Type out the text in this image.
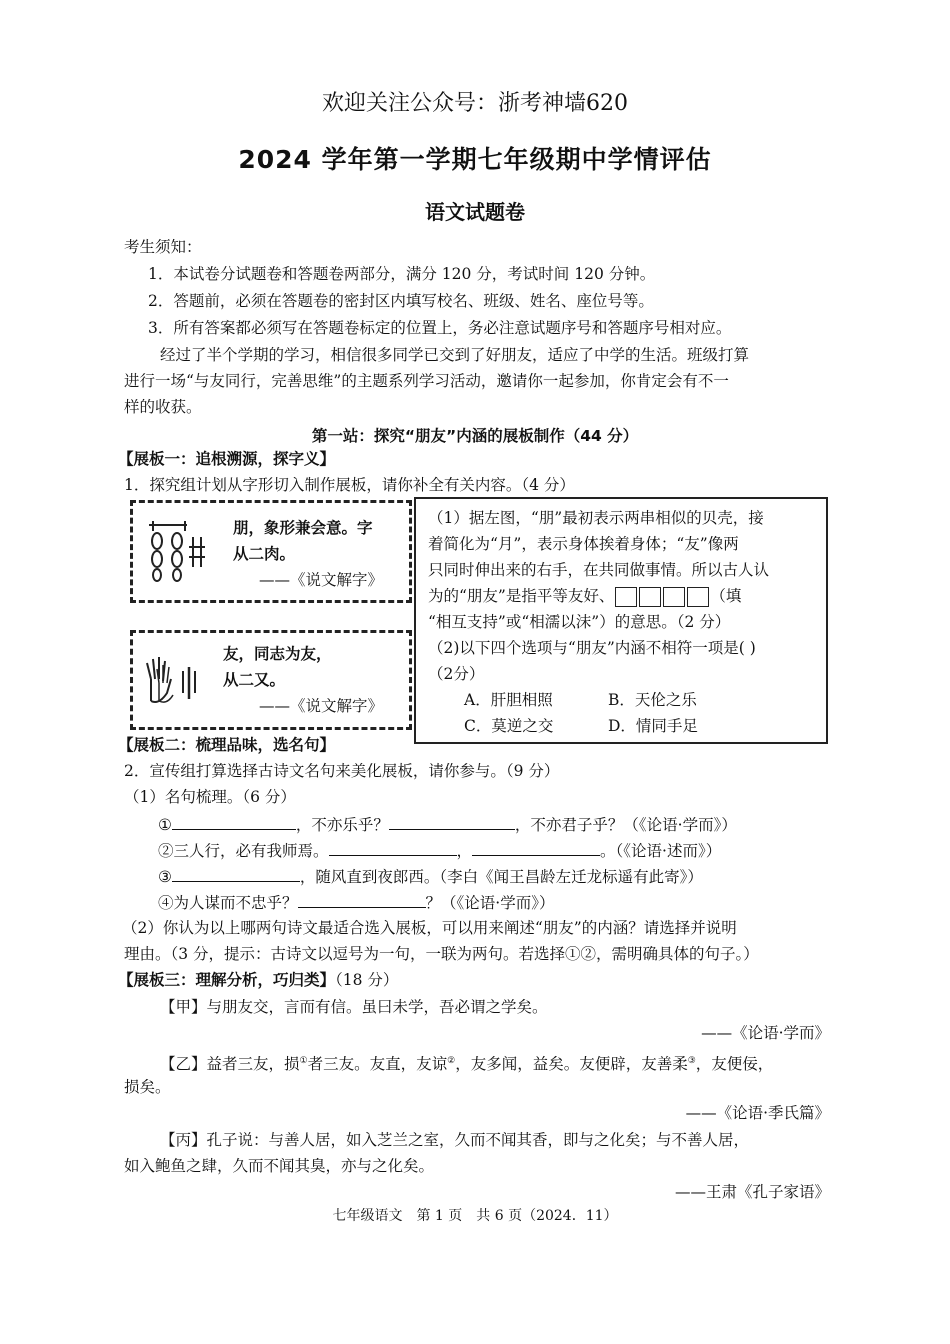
欢迎关注公众号：浙考神墙620
2024 学年第一学期七年级期中学情评估
语文试题卷
考生须知：
1．本试卷分试题卷和答题卷两部分，满分 120 分，考试时间 120 分钟。
2．答题前，必须在答题卷的密封区内填写校名、班级、姓名、座位号等。
3．所有答案都必须写在答题卷标定的位置上，务必注意试题序号和答题序号相对应。
经过了半个学期的学习，相信很多同学已交到了好朋友，适应了中学的生活。班级打算
进行一场“与友同行，完善思维”的主题系列学习活动，邀请你一起参加，你肯定会有不一
样的收获。
第一站：探究“朋友”内涵的展板制作（44 分）
【展板一：追根溯源，探字义】
1．探究组计划从字形切入制作展板，请你补全有关内容。（4 分）
朋，象形兼会意。字
从二肉。
——《说文解字》
友，同志为友，
从二又。
——《说文解字》
（1）据左图，“朋”最初表示两串相似的贝壳，接
着简化为“月”，表示身体挨着身体；“友”像两
只同时伸出来的右手，在共同做事情。所以古人认
为的“朋友”是指平等友好、	（填
“相互支持”或“相濡以沫”）的意思。（2 分）
（2)以下四个选项与“朋友”内涵不相符一项是( )
（2分）
A．肝胆相照	B．天伦之乐
C．莫逆之交	D．情同手足
【展板二：梳理品味，选名句】
2．宣传组打算选择古诗文名句来美化展板，请你参与。（9 分）
（1）名句梳理。（6 分）
①	，不亦乐乎？	，不亦君子乎？（《论语·学而》）
②三人行，必有我师焉。	，	。（《论语·述而》）
③	，随风直到夜郎西。（李白《闻王昌龄左迁龙标遥有此寄》）
④为人谋而不忠乎？	？（《论语·学而》）
（2）你认为以上哪两句诗文最适合选入展板，可以用来阐述“朋友”的内涵？请选择并说明
理由。（3 分，提示：古诗文以逗号为一句，一联为两句。若选择①②，需明确具体的句子。）
【展板三：理解分析，巧归类】（18 分）
【甲】与朋友交，言而有信。虽曰未学，吾必谓之学矣。
——《论语·学而》
【乙】益者三友，损①者三友。友直，友谅②，友多闻，益矣。友便辟，友善柔③，友便佞，
损矣。
——《论语·季氏篇》
【丙】孔子说：与善人居，如入芝兰之室，久而不闻其香，即与之化矣；与不善人居，
如入鲍鱼之肆，久而不闻其臭，亦与之化矣。
——王肃《孔子家语》
七年级语文　第 1 页　共 6 页（2024．11）
